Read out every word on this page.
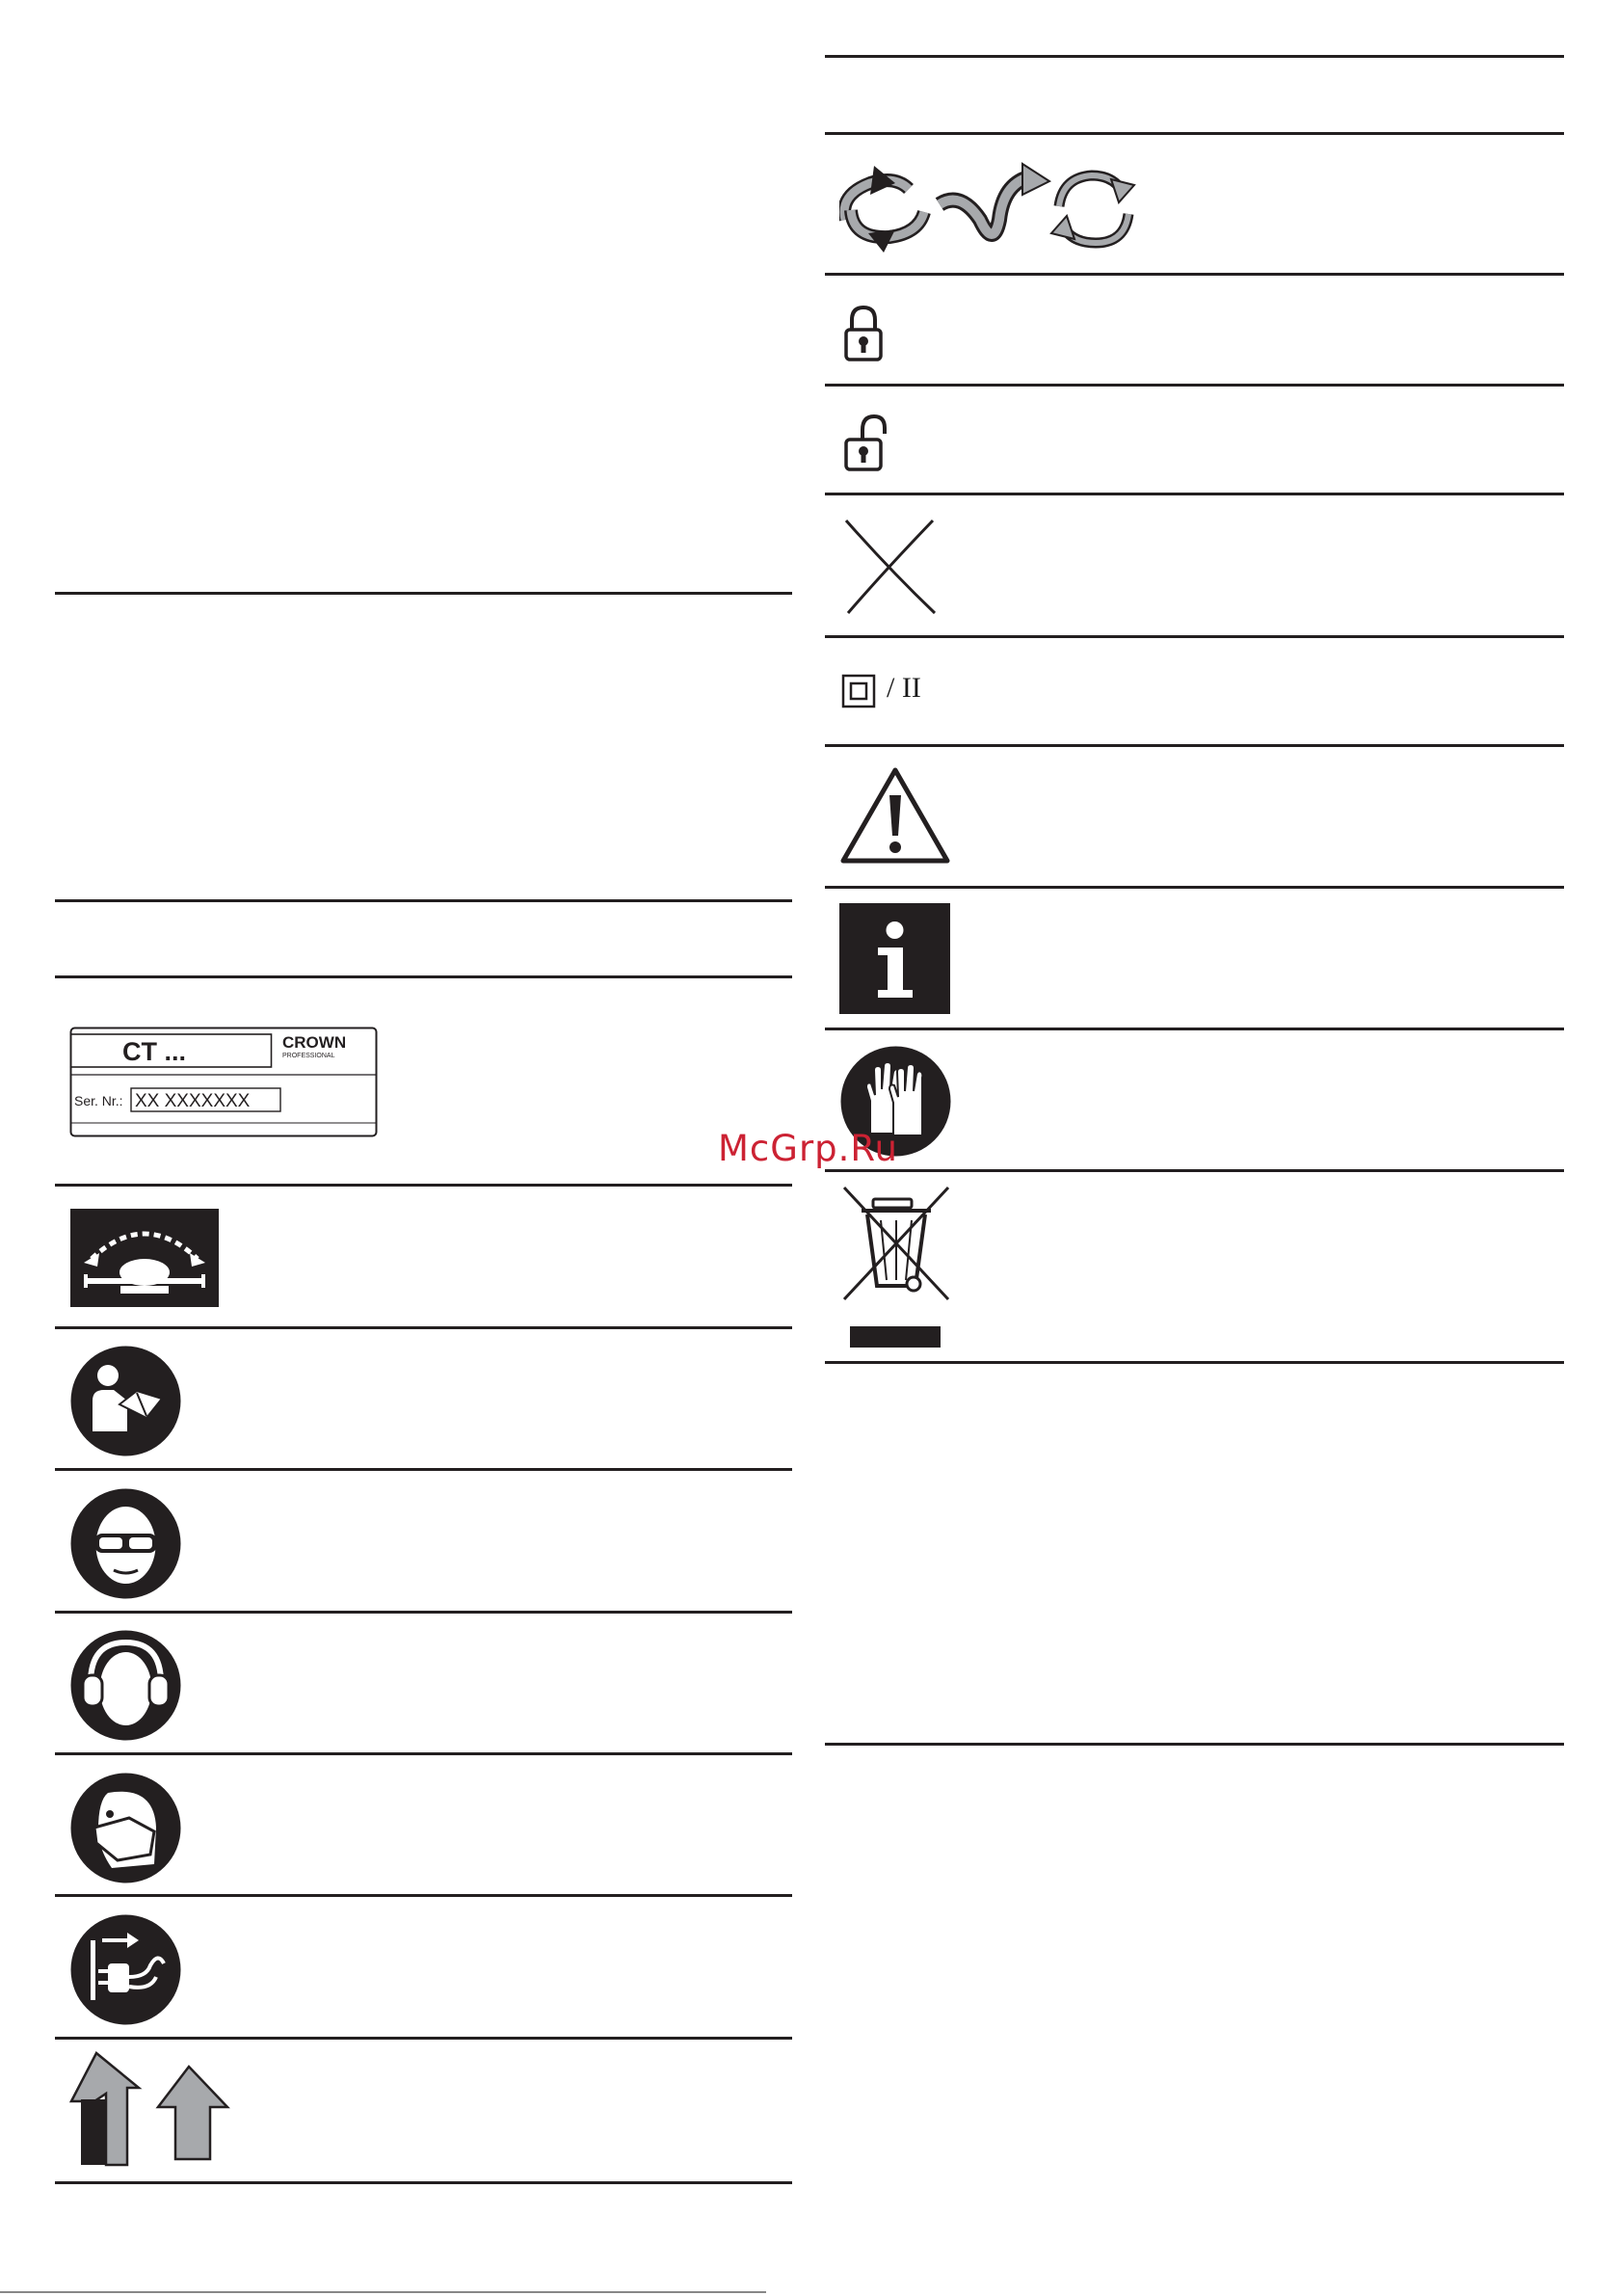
CT ...	CROWN
PROFESSIONAL
Ser. Nr.: XX XXXXXXX
/ II
McGrp.Ru
